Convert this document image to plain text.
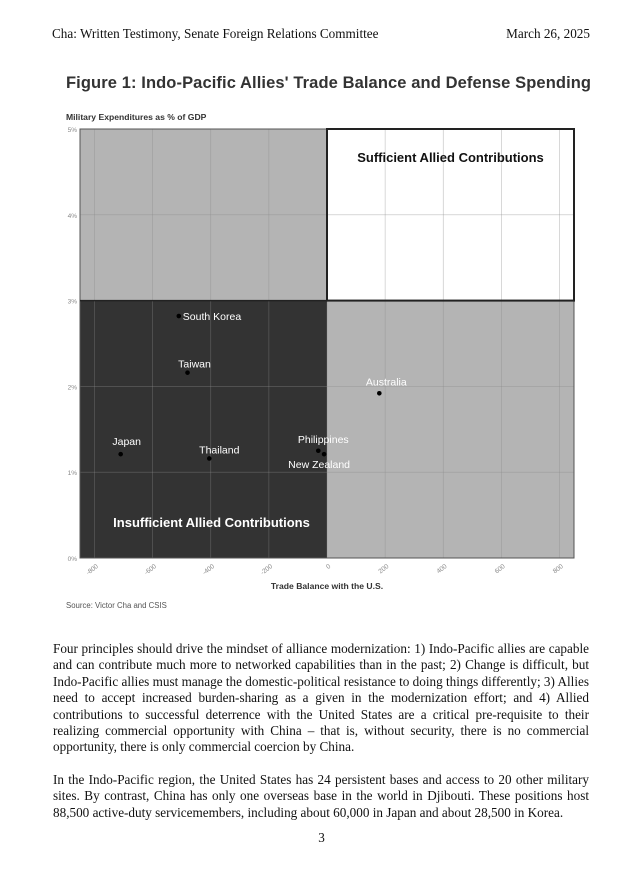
Cha: Written Testimony, Senate Foreign Relations Committee	March 26, 2025
Figure 1: Indo-Pacific Allies' Trade Balance and Defense Spending
Military Expenditures as % of GDP
0%
1%
2%
3%
4%
5%
-800	-600	-400	-200	0	200	400	600	800
Trade Balance with the U.S.
Source: Victor Cha and CSIS
Sufficient Allied Contributions
Insufficient Allied Contributions
South Korea
Taiwan
Japan
Thailand
Philippines
New Zealand
Australia

Four principles should drive the mindset of alliance modernization: 1) Indo-Pacific allies are capable and can contribute much more to networked capabilities than in the past; 2) Change is difficult, but Indo-Pacific allies must manage the domestic-political resistance to doing things differently; 3) Allies need to accept increased burden-sharing as a given in the modernization effort; and 4) Allied contributions to successful deterrence with the United States are a critical pre-requisite to their realizing commercial opportunity with China – that is, without security, there is no commercial opportunity, there is only commercial coercion by China.

In the Indo-Pacific region, the United States has 24 persistent bases and access to 20 other military sites. By contrast, China has only one overseas base in the world in Djibouti. These positions host 88,500 active-duty servicemembers, including about 60,000 in Japan and about 28,500 in Korea.

3
